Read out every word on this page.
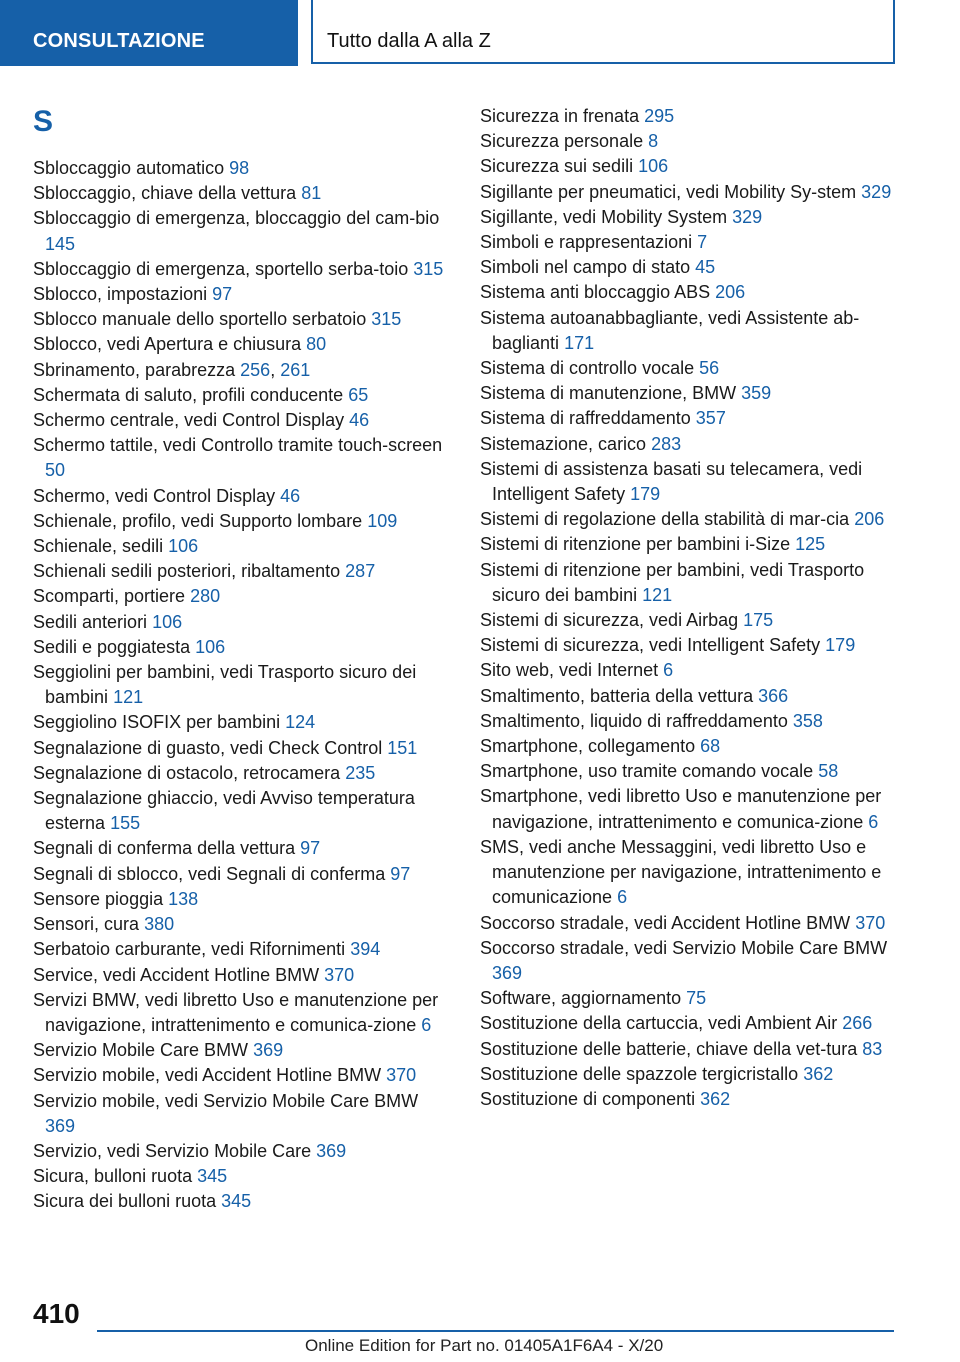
CONSULTAZIONE	Tutto dalla A alla Z
S
Sbloccaggio automatico 98
Sbloccaggio, chiave della vettura 81
Sbloccaggio di emergenza, bloccaggio del cam‐bio 145
Sbloccaggio di emergenza, sportello serba‐toio 315
Sblocco, impostazioni 97
Sblocco manuale dello sportello serbatoio 315
Sblocco, vedi Apertura e chiusura 80
Sbrinamento, parabrezza 256, 261
Schermata di saluto, profili conducente 65
Schermo centrale, vedi Control Display 46
Schermo tattile, vedi Controllo tramite touch‐screen 50
Schermo, vedi Control Display 46
Schienale, profilo, vedi Supporto lombare 109
Schienale, sedili 106
Schienali sedili posteriori, ribaltamento 287
Scomparti, portiere 280
Sedili anteriori 106
Sedili e poggiatesta 106
Seggiolini per bambini, vedi Trasporto sicuro dei bambini 121
Seggiolino ISOFIX per bambini 124
Segnalazione di guasto, vedi Check Control 151
Segnalazione di ostacolo, retrocamera 235
Segnalazione ghiaccio, vedi Avviso temperatura esterna 155
Segnali di conferma della vettura 97
Segnali di sblocco, vedi Segnali di conferma 97
Sensore pioggia 138
Sensori, cura 380
Serbatoio carburante, vedi Rifornimenti 394
Service, vedi Accident Hotline BMW 370
Servizi BMW, vedi libretto Uso e manutenzione per navigazione, intrattenimento e comunica‐zione 6
Servizio Mobile Care BMW 369
Servizio mobile, vedi Accident Hotline BMW 370
Servizio mobile, vedi Servizio Mobile Care BMW 369
Servizio, vedi Servizio Mobile Care 369
Sicura, bulloni ruota 345
Sicura dei bulloni ruota 345
Sicurezza in frenata 295
Sicurezza personale 8
Sicurezza sui sedili 106
Sigillante per pneumatici, vedi Mobility Sy‐stem 329
Sigillante, vedi Mobility System 329
Simboli e rappresentazioni 7
Simboli nel campo di stato 45
Sistema anti bloccaggio ABS 206
Sistema autoanabbagliante, vedi Assistente ab‐baglianti 171
Sistema di controllo vocale 56
Sistema di manutenzione, BMW 359
Sistema di raffreddamento 357
Sistemazione, carico 283
Sistemi di assistenza basati su telecamera, vedi Intelligent Safety 179
Sistemi di regolazione della stabilità di mar‐cia 206
Sistemi di ritenzione per bambini i-Size 125
Sistemi di ritenzione per bambini, vedi Trasporto sicuro dei bambini 121
Sistemi di sicurezza, vedi Airbag 175
Sistemi di sicurezza, vedi Intelligent Safety 179
Sito web, vedi Internet 6
Smaltimento, batteria della vettura 366
Smaltimento, liquido di raffreddamento 358
Smartphone, collegamento 68
Smartphone, uso tramite comando vocale 58
Smartphone, vedi libretto Uso e manutenzione per navigazione, intrattenimento e comunica‐zione 6
SMS, vedi anche Messaggini, vedi libretto Uso e manutenzione per navigazione, intrattenimento e comunicazione 6
Soccorso stradale, vedi Accident Hotline BMW 370
Soccorso stradale, vedi Servizio Mobile Care BMW 369
Software, aggiornamento 75
Sostituzione della cartuccia, vedi Ambient Air 266
Sostituzione delle batterie, chiave della vet‐tura 83
Sostituzione delle spazzole tergicristallo 362
Sostituzione di componenti 362
410
Online Edition for Part no. 01405A1F6A4 - X/20
